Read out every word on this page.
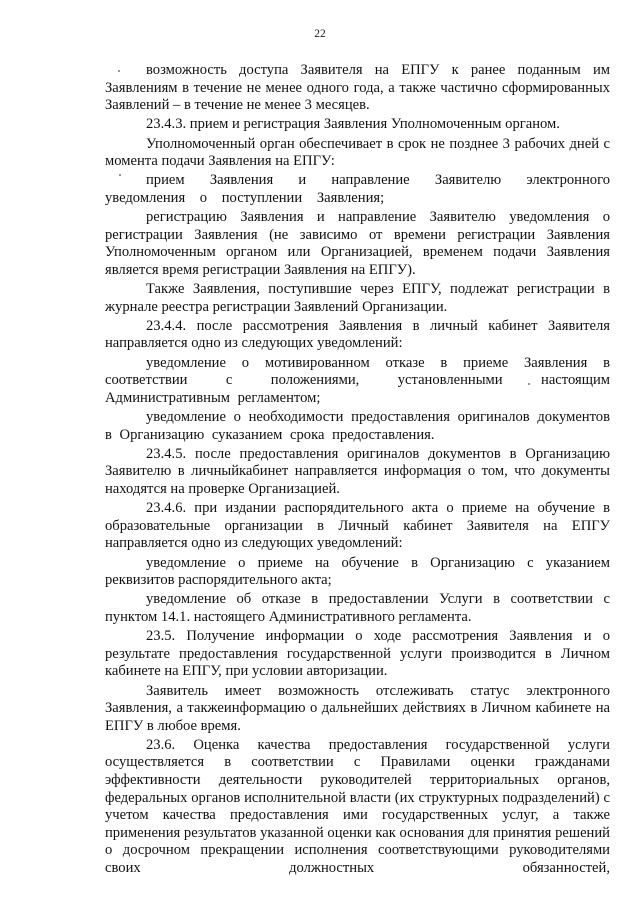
22

возможность доступа Заявителя на ЕПГУ к ранее поданным им Заявлениям в течение не менее одного года, а также частично сформированных Заявлений – в течение не менее 3 месяцев.

23.4.3. прием и регистрация Заявления Уполномоченным органом.

Уполномоченный орган обеспечивает в срок не позднее 3 рабочих дней с момента подачи Заявления на ЕПГУ:

прием Заявления и направление Заявителю электронного уведомления о поступлении Заявления;

регистрацию Заявления и направление Заявителю уведомления о регистрации Заявления (не зависимо от времени регистрации Заявления Уполномоченным органом или Организацией, временем подачи Заявления является время регистрации Заявления на ЕПГУ).

Также Заявления, поступившие через ЕПГУ, подлежат регистрации в журнале реестра регистрации Заявлений Организации.

23.4.4. после рассмотрения Заявления в личный кабинет Заявителя направляется одно из следующих уведомлений:

уведомление о мотивированном отказе в приеме Заявления в соответствии с положениями, установленными настоящим Административным регламентом;

уведомление о необходимости предоставления оригиналов документов в Организацию суказанием срока предоставления.

23.4.5. после предоставления оригиналов документов в Организацию Заявителю в личныйкабинет направляется информация о том, что документы находятся на проверке Организацией.

23.4.6. при издании распорядительного акта о приеме на обучение в образовательные организации в Личный кабинет Заявителя на ЕПГУ направляется одно из следующих уведомлений:

уведомление о приеме на обучение в Организацию с указанием реквизитов распорядительного акта;

уведомление об отказе в предоставлении Услуги в соответствии с пунктом 14.1. настоящего Административного регламента.

23.5. Получение информации о ходе рассмотрения Заявления и о результате предоставления государственной услуги производится в Личном кабинете на ЕПГУ, при условии авторизации.

Заявитель имеет возможность отслеживать статус электронного Заявления, а такжеинформацию о дальнейших действиях в Личном кабинете на ЕПГУ в любое время.

23.6. Оценка качества предоставления государственной услуги осуществляется в соответствии с Правилами оценки гражданами эффективности деятельности руководителей территориальных органов, федеральных органов исполнительной власти (их структурных подразделений) с учетом качества предоставления ими государственных услуг, а также применения результатов указанной оценки как основания для принятия решений о досрочном прекращении исполнения соответствующими руководителями своих должностных обязанностей,
